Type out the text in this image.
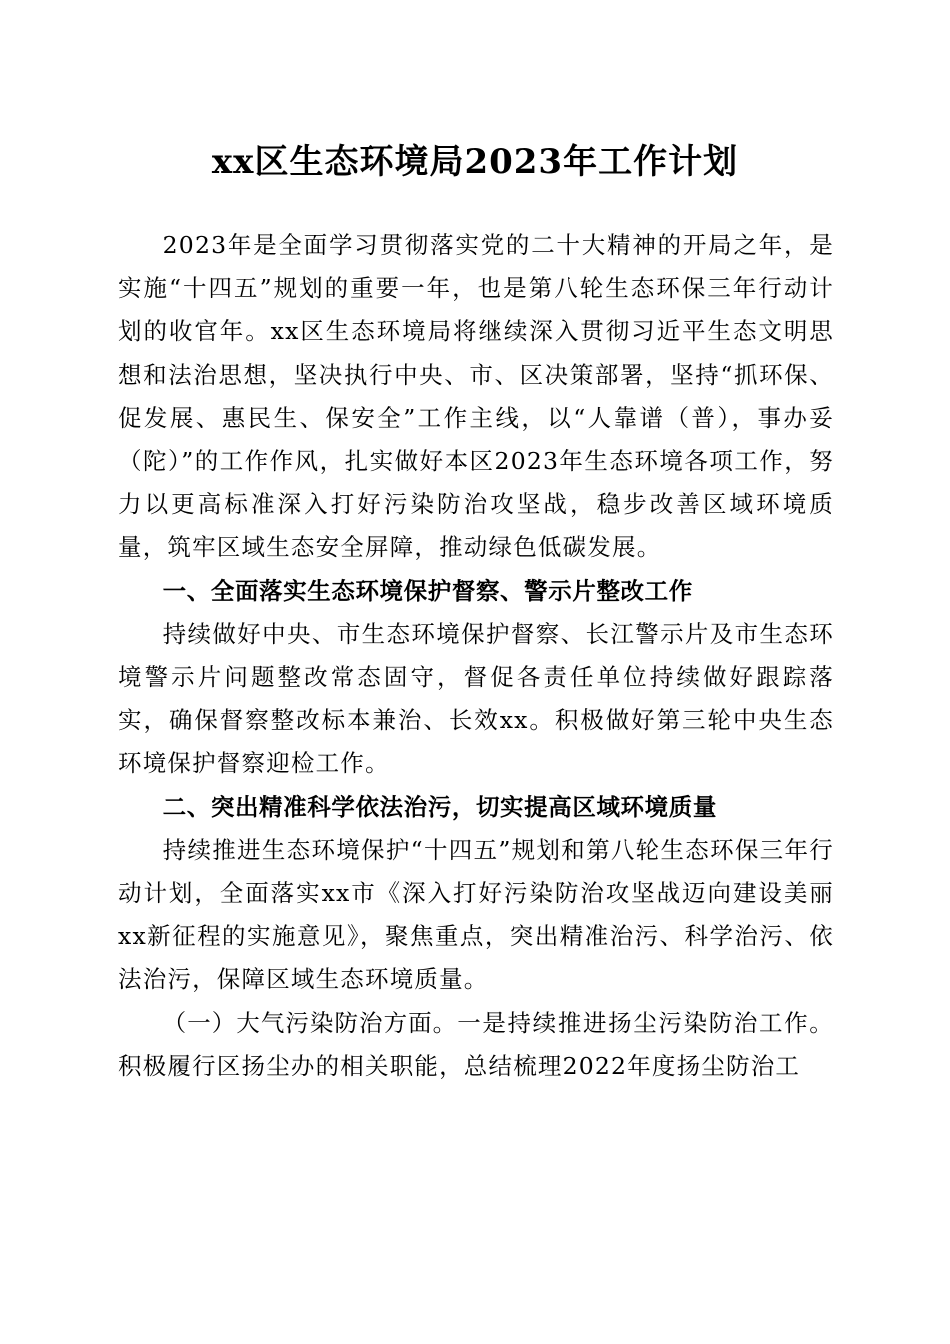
xx区生态环境局2023年工作计划

2023年是全面学习贯彻落实党的二十大精神的开局之年，是实施“十四五”规划的重要一年，也是第八轮生态环保三年行动计划的收官年。xx区生态环境局将继续深入贯彻习近平生态文明思想和法治思想，坚决执行中央、市、区决策部署，坚持“抓环保、促发展、惠民生、保安全”工作主线，以“人靠谱（普），事办妥（陀）”的工作作风，扎实做好本区2023年生态环境各项工作，努力以更高标准深入打好污染防治攻坚战，稳步改善区域环境质量，筑牢区域生态安全屏障，推动绿色低碳发展。

一、全面落实生态环境保护督察、警示片整改工作

持续做好中央、市生态环境保护督察、长江警示片及市生态环境警示片问题整改常态固守，督促各责任单位持续做好跟踪落实，确保督察整改标本兼治、长效xx。积极做好第三轮中央生态环境保护督察迎检工作。

二、突出精准科学依法治污，切实提高区域环境质量

持续推进生态环境保护“十四五”规划和第八轮生态环保三年行动计划，全面落实xx市《深入打好污染防治攻坚战迈向建设美丽xx新征程的实施意见》，聚焦重点，突出精准治污、科学治污、依法治污，保障区域生态环境质量。

（一）大气污染防治方面。一是持续推进扬尘污染防治工作。积极履行区扬尘办的相关职能，总结梳理2022年度扬尘防治工
